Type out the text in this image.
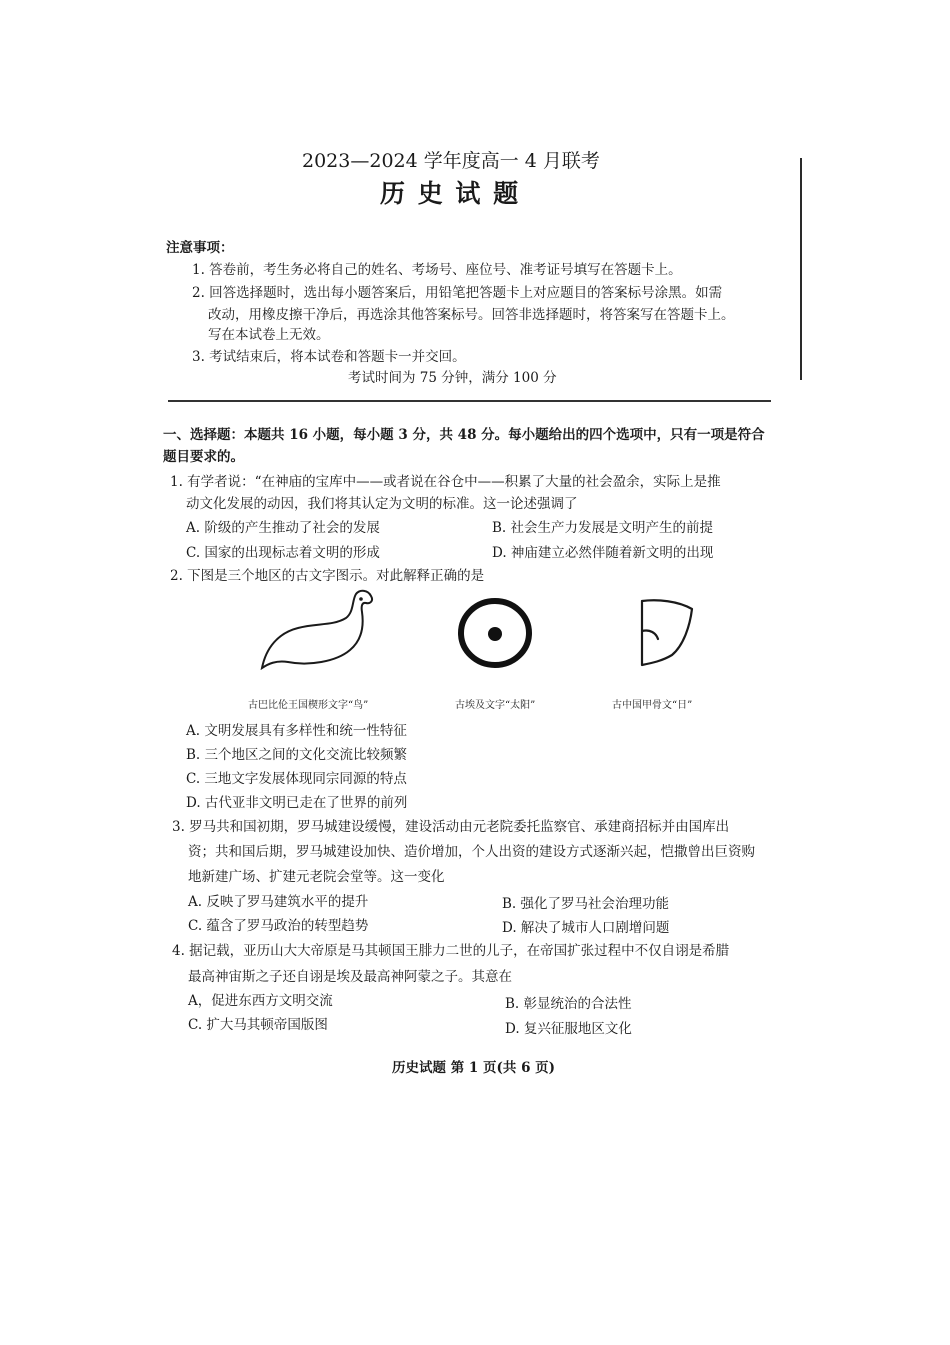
2023—2024 学年度高一 4 月联考
历 史 试 题
注意事项：
1. 答卷前，考生务必将自己的姓名、考场号、座位号、准考证号填写在答题卡上。
2. 回答选择题时，选出每小题答案后，用铅笔把答题卡上对应题目的答案标号涂黑。如需
改动，用橡皮擦干净后，再选涂其他答案标号。回答非选择题时，将答案写在答题卡上。
写在本试卷上无效。
3. 考试结束后，将本试卷和答题卡一并交回。
考试时间为 75 分钟，满分 100 分
一、选择题：本题共 16 小题，每小题 3 分，共 48 分。每小题给出的四个选项中，只有一项是符合
题目要求的。
1. 有学者说：“在神庙的宝库中——或者说在谷仓中——积累了大量的社会盈余，实际上是推
动文化发展的动因，我们将其认定为文明的标准。这一论述强调了
A. 阶级的产生推动了社会的发展	B. 社会生产力发展是文明产生的前提
C. 国家的出现标志着文明的形成	D. 神庙建立必然伴随着新文明的出现
2. 下图是三个地区的古文字图示。对此解释正确的是
古巴比伦王国楔形文字“鸟”	古埃及文字“太阳”	古中国甲骨文“日”
A. 文明发展具有多样性和统一性特征
B. 三个地区之间的文化交流比较频繁
C. 三地文字发展体现同宗同源的特点
D. 古代亚非文明已走在了世界的前列
3. 罗马共和国初期，罗马城建设缓慢，建设活动由元老院委托监察官、承建商招标并由国库出
资；共和国后期，罗马城建设加快、造价增加，个人出资的建设方式逐渐兴起，恺撒曾出巨资购
地新建广场、扩建元老院会堂等。这一变化
A. 反映了罗马建筑水平的提升	B. 强化了罗马社会治理功能
C. 蕴含了罗马政治的转型趋势	D. 解决了城市人口剧增问题
4. 据记载，亚历山大大帝原是马其顿国王腓力二世的儿子，在帝国扩张过程中不仅自诩是希腊
最高神宙斯之子还自诩是埃及最高神阿蒙之子。其意在
A，促进东西方文明交流	B. 彰显统治的合法性
C. 扩大马其顿帝国版图	D. 复兴征服地区文化
历史试题 第 1 页(共 6 页)
